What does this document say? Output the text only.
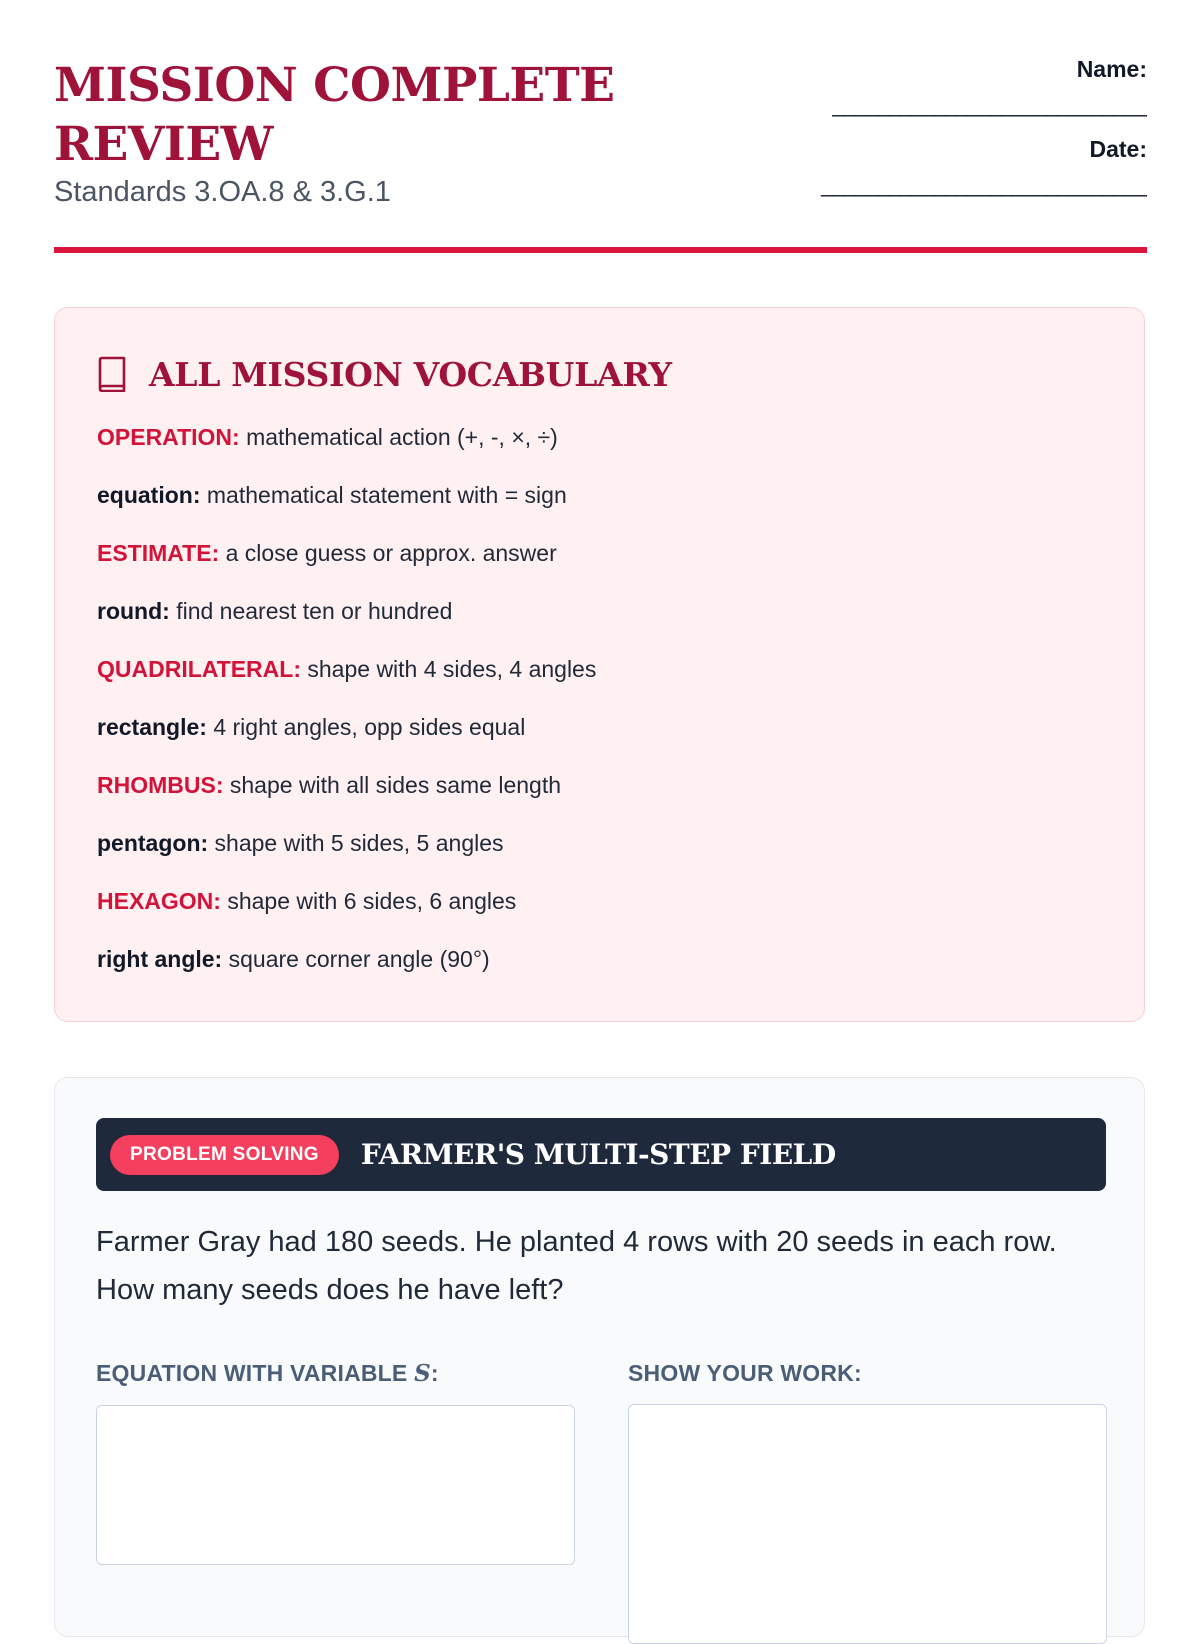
MISSION COMPLETE
REVIEW
Standards 3.OA.8 & 3.G.1
Name:
____________________________
Date:
_____________________________
ALL MISSION VOCABULARY
OPERATION: mathematical action (+, -, ×, ÷)
equation: mathematical statement with = sign
ESTIMATE: a close guess or approx. answer
round: find nearest ten or hundred
QUADRILATERAL: shape with 4 sides, 4 angles
rectangle: 4 right angles, opp sides equal
RHOMBUS: shape with all sides same length
pentagon: shape with 5 sides, 5 angles
HEXAGON: shape with 6 sides, 6 angles
right angle: square corner angle (90°)
PROBLEM SOLVING	FARMER'S MULTI-STEP FIELD

Farmer Gray had 180 seeds. He planted 4 rows with 20 seeds in each row. How many seeds does he have left?

EQUATION WITH VARIABLE S:	SHOW YOUR WORK:
